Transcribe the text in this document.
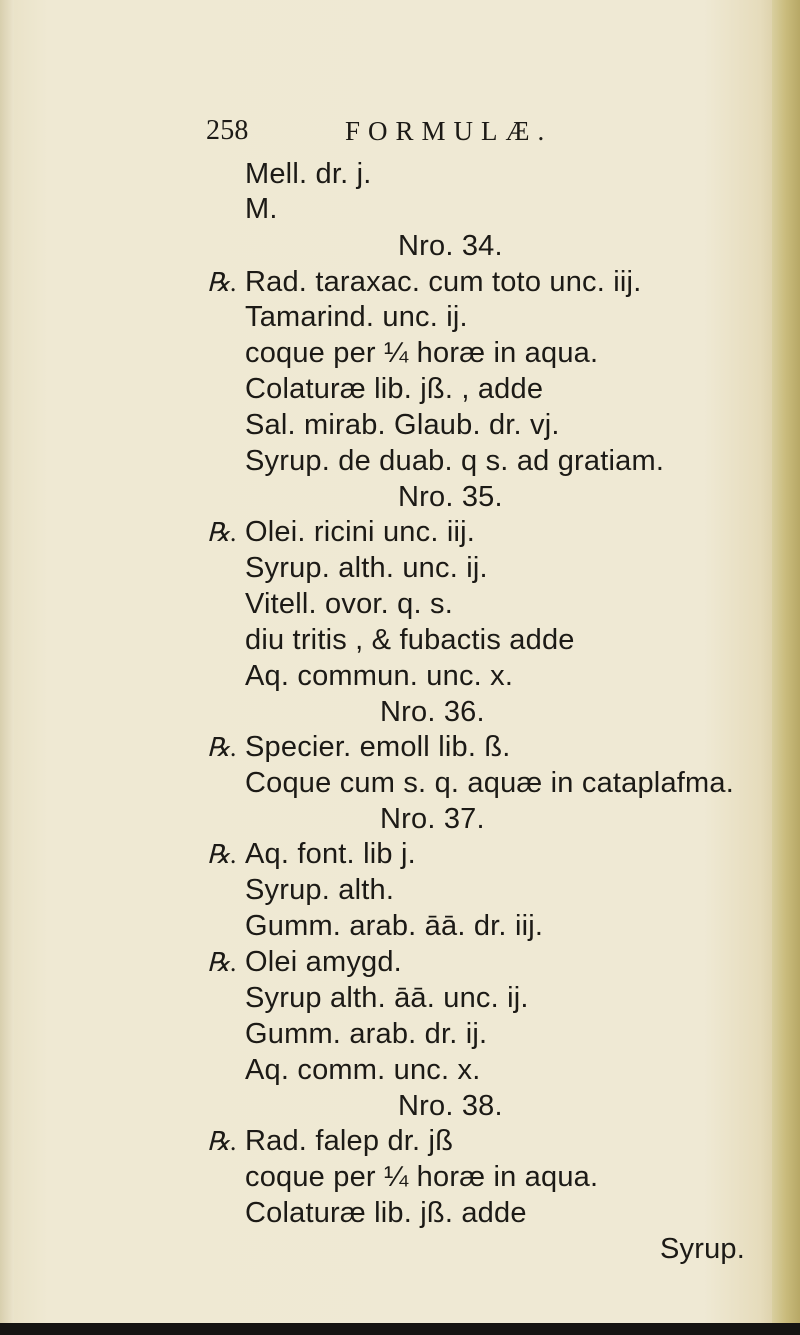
258	FORMULÆ.
Mell. dr. j.
M.
Nro. 34.
℞. Rad. taraxac. cum toto unc. iij.
Tamarind. unc. ij.
coque per ¼ horæ in aqua.
Colaturæ lib. jß. , adde
Sal. mirab. Glaub. dr. vj.
Syrup. de duab. q s. ad gratiam.
Nro. 35.
℞. Olei. ricini unc. iij.
Syrup. alth. unc. ij.
Vitell. ovor. q. s.
diu tritis , & fubactis adde
Aq. commun. unc. x.
Nro. 36.
℞. Specier. emoll lib. ß.
Coque cum s. q. aquæ in cataplafma.
Nro. 37.
℞. Aq. font. lib j.
Syrup. alth.
Gumm. arab. āā. dr. iij.
℞. Olei amygd.
Syrup alth. āā. unc. ij.
Gumm. arab. dr. ij.
Aq. comm. unc. x.
Nro. 38.
℞. Rad. falep dr. jß
coque per ¼ horæ in aqua.
Colaturæ lib. jß. adde
Syrup.
